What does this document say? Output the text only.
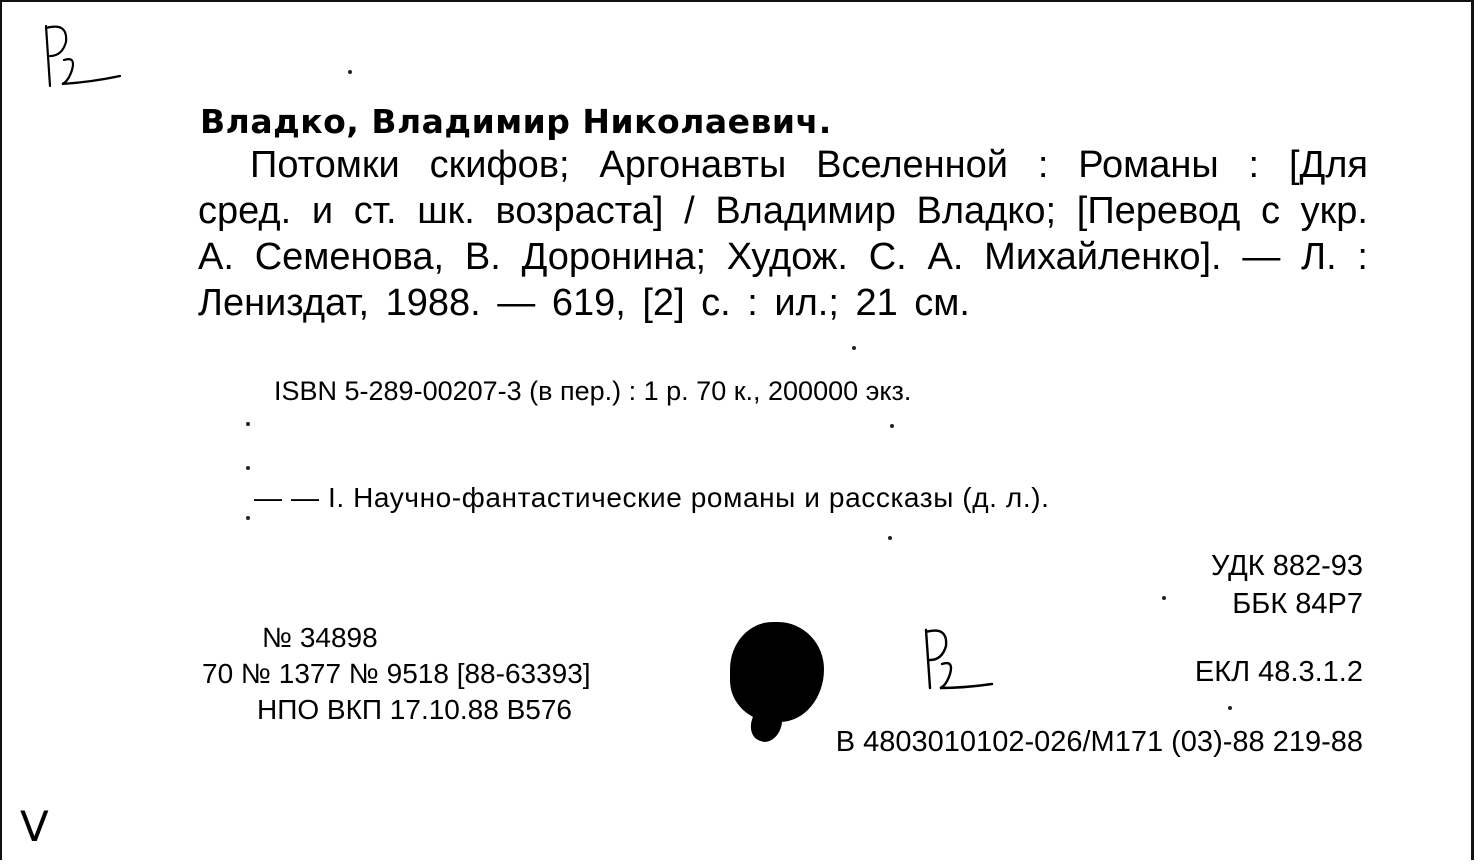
Владко, Владимир Николаевич.
Потомки скифов; Аргонавты Вселенной : Романы : [Для сред. и ст. шк. возраста] / Владимир Владко; [Перевод с укр. А. Семенова, В. Доронина; Худож. С. А. Михайленко]. — Л. : Лениздат, 1988. — 619, [2] с. : ил.; 21 см.
ISBN 5-289-00207-3 (в пер.) : 1 р. 70 к., 200000 экз.
— — I. Научно-фантастические романы и рассказы (д. л.).
УДК 882-93
ББК 84Р7
ЕКЛ 48.3.1.2
В 4803010102-026/М171 (03)-88 219-88
№ 34898
70 № 1377 № 9518 [88-63393]
НПО ВКП 17.10.88 В576
V
